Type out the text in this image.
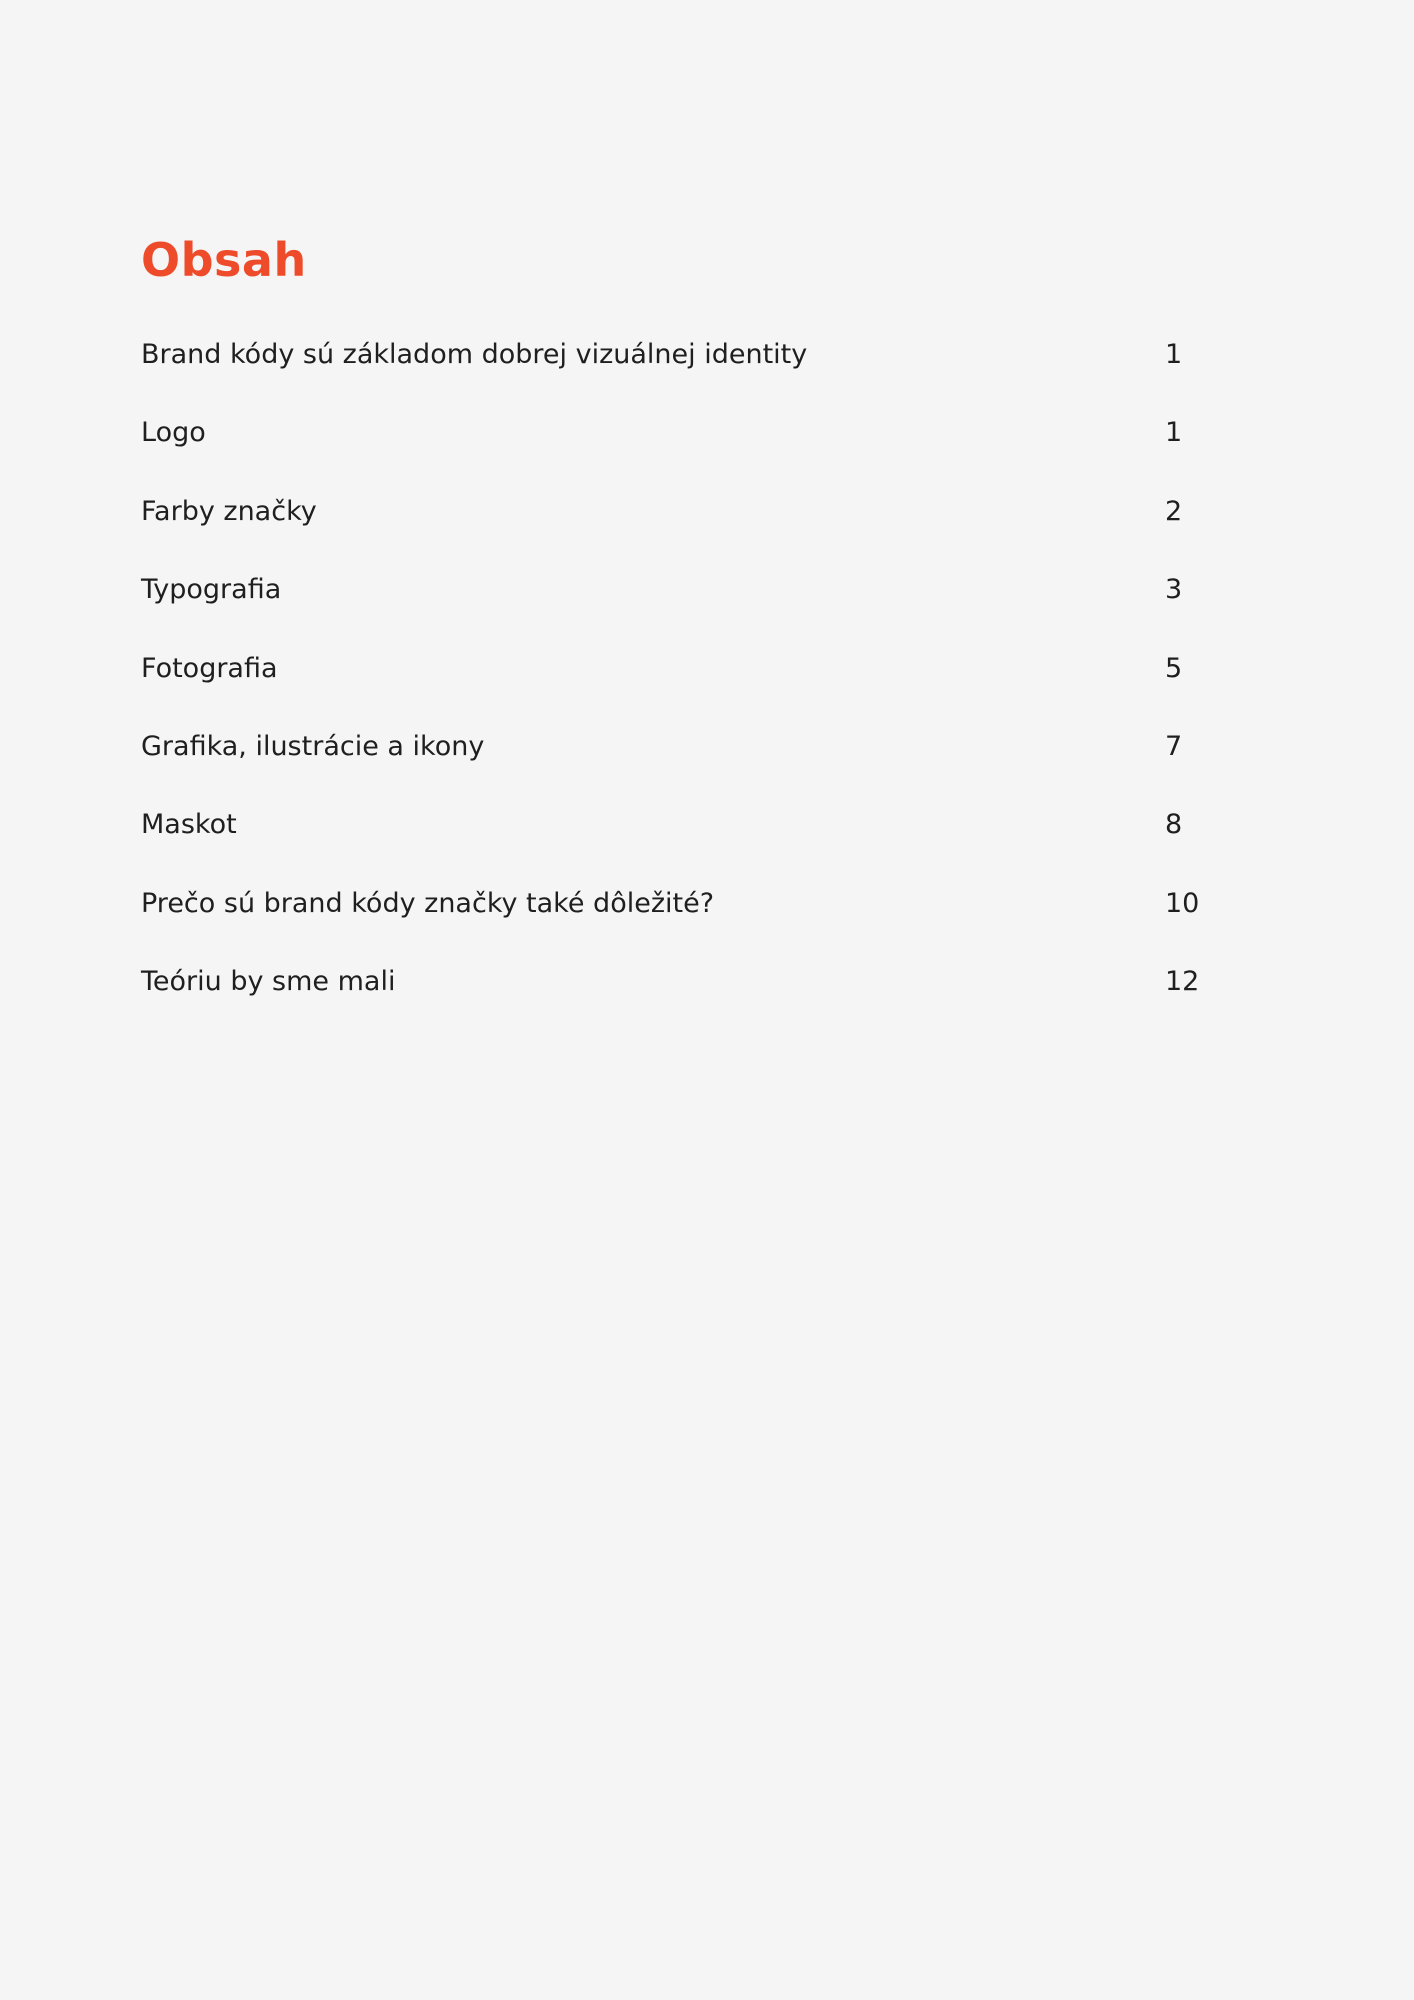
Obsah
Brand kódy sú základom dobrej vizuálnej identity	1
Logo	1
Farby značky	2
Typografia	3
Fotografia	5
Grafika, ilustrácie a ikony	7
Maskot	8
Prečo sú brand kódy značky také dôležité?	10
Teóriu by sme mali	12
